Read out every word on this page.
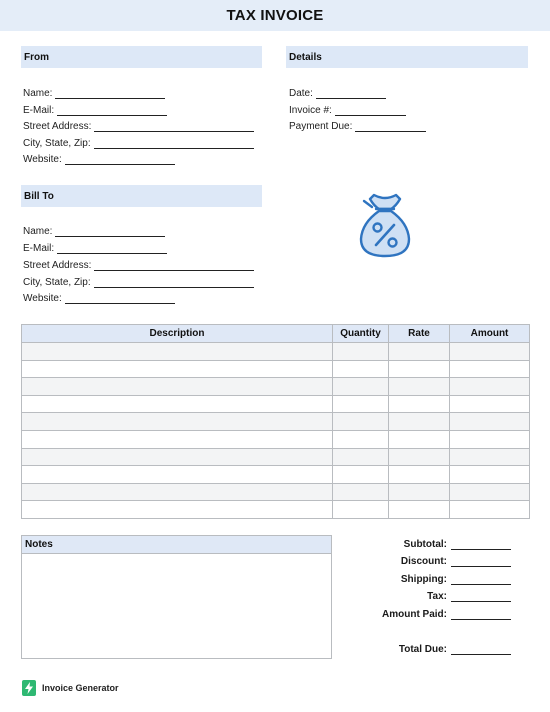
TAX INVOICE
From
Name:
E-Mail:
Street Address:
City, State, Zip:
Website:
Details
Date:
Invoice #:
Payment Due:
Bill To
Name:
E-Mail:
Street Address:
City, State, Zip:
Website:
Description	Quantity	Rate	Amount

Notes	Subtotal:
Discount:
Shipping:
Tax:
Amount Paid:
Total Due:
Invoice Generator
